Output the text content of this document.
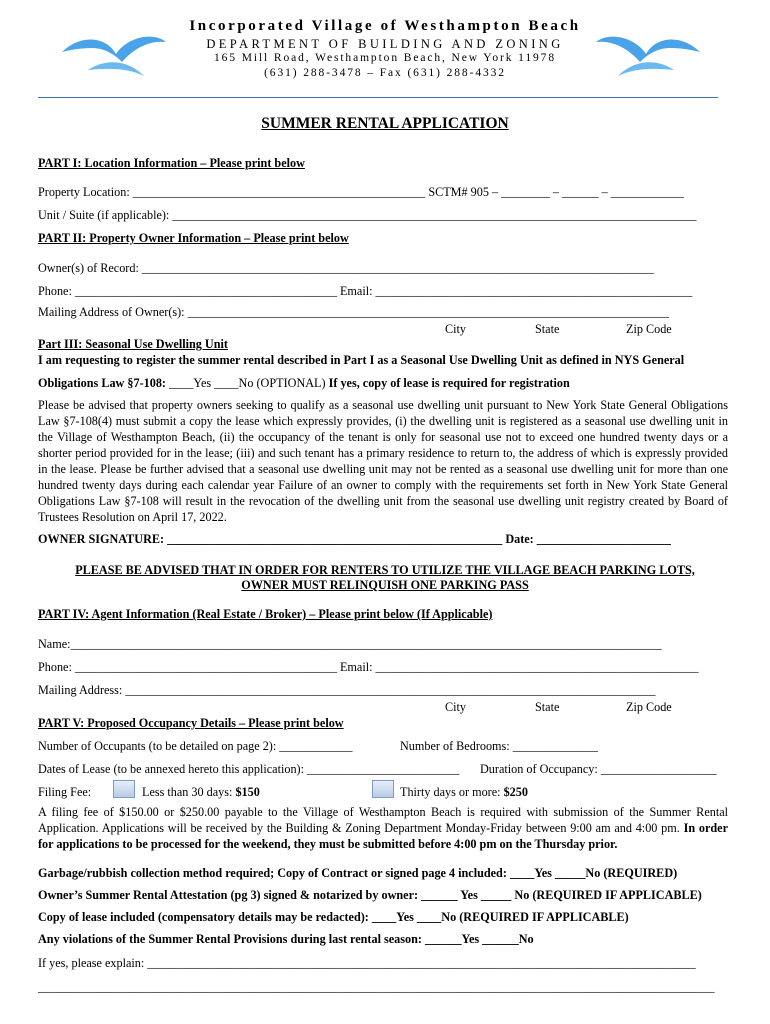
Incorporated Village of Westhampton Beach
DEPARTMENT OF BUILDING AND ZONING
165 Mill Road, Westhampton Beach, New York 11978
(631) 288-3478 – Fax (631) 288-4332
SUMMER RENTAL APPLICATION
PART I: Location Information – Please print below
Property Location: ________________________________________________ SCTM# 905 – ________ – ______ – ____________
Unit / Suite (if applicable): ______________________________________________________________________________________
PART II: Property Owner Information – Please print below
Owner(s) of Record: ____________________________________________________________________________________
Phone: ___________________________________________ Email: ____________________________________________________
Mailing Address of Owner(s): _______________________________________________________________________________
City	State	Zip Code
Part III: Seasonal Use Dwelling Unit
I am requesting to register the summer rental described in Part I as a Seasonal Use Dwelling Unit as defined in NYS General
Obligations Law §7-108: ____Yes ____No (OPTIONAL) If yes, copy of lease is required for registration
Please be advised that property owners seeking to qualify as a seasonal use dwelling unit pursuant to New York State General Obligations Law §7-108(4) must submit a copy the lease which expressly provides, (i) the dwelling unit is registered as a seasonal use dwelling unit in the Village of Westhampton Beach, (ii) the occupancy of the tenant is only for seasonal use not to exceed one hundred twenty days or a shorter period provided for in the lease; (iii) and such tenant has a primary residence to return to, the address of which is expressly provided in the lease. Please be further advised that a seasonal use dwelling unit may not be rented as a seasonal use dwelling unit for more than one hundred twenty days during each calendar year Failure of an owner to comply with the requirements set forth in New York State General Obligations Law §7-108 will result in the revocation of the dwelling unit from the seasonal use dwelling unit registry created by Board of Trustees Resolution on April 17, 2022.
OWNER SIGNATURE: _______________________________________________________ Date: ______________________
PLEASE BE ADVISED THAT IN ORDER FOR RENTERS TO UTILIZE THE VILLAGE BEACH PARKING LOTS,
OWNER MUST RELINQUISH ONE PARKING PASS
PART IV: Agent Information (Real Estate / Broker) – Please print below (If Applicable)
Name:_________________________________________________________________________________________________
Phone: ___________________________________________ Email: _____________________________________________________
Mailing Address: _______________________________________________________________________________________
City	State	Zip Code
PART V: Proposed Occupancy Details – Please print below
Number of Occupants (to be detailed on page 2): ____________	Number of Bedrooms: ______________
Dates of Lease (to be annexed hereto this application): _________________________ Duration of Occupancy: ___________________
Filing Fee:	Less than 30 days: $150	Thirty days or more: $250
A filing fee of $150.00 or $250.00 payable to the Village of Westhampton Beach is required with submission of the Summer Rental Application. Applications will be received by the Building & Zoning Department Monday-Friday between 9:00 am and 4:00 pm. In order for applications to be processed for the weekend, they must be submitted before 4:00 pm on the Thursday prior.
Garbage/rubbish collection method required; Copy of Contract or signed page 4 included: ____Yes _____No (REQUIRED)
Owner’s Summer Rental Attestation (pg 3) signed & notarized by owner: ______ Yes _____ No (REQUIRED IF APPLICABLE)
Copy of lease included (compensatory details may be redacted): ____Yes ____No (REQUIRED IF APPLICABLE)
Any violations of the Summer Rental Provisions during last rental season: ______Yes ______No
If yes, please explain: __________________________________________________________________________________________
_______________________________________________________________________________________________________________
